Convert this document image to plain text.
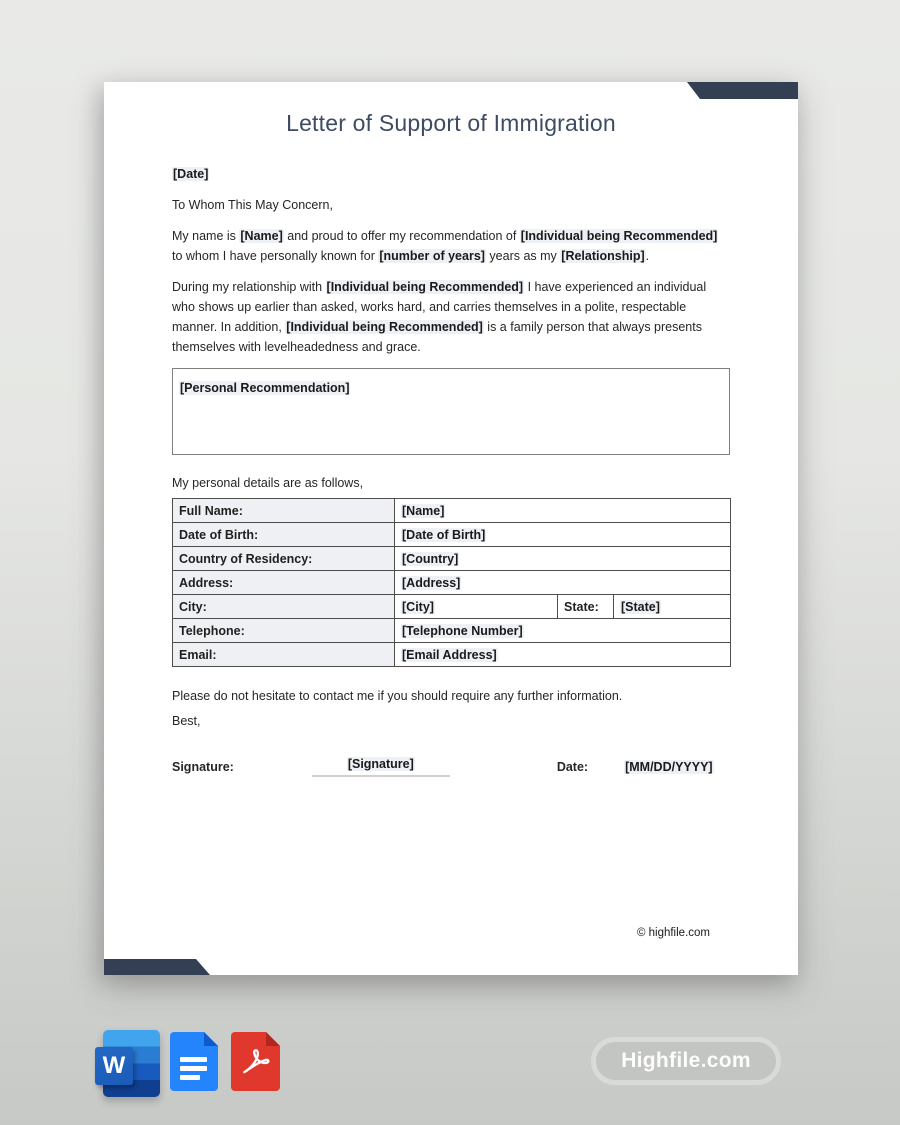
Letter of Support of Immigration

[Date]

To Whom This May Concern,

My name is [Name] and proud to offer my recommendation of [Individual being Recommended] to whom I have personally known for [number of years] years as my [Relationship].

During my relationship with [Individual being Recommended] I have experienced an individual who shows up earlier than asked, works hard, and carries themselves in a polite, respectable manner. In addition, [Individual being Recommended] is a family person that always presents themselves with levelheadedness and grace.

[Personal Recommendation]

My personal details are as follows,

Full Name:	[Name]		
Date of Birth:	[Date of Birth]		
Country of Residency:	[Country]		
Address:	[Address]		
City:	[City]	State:	[State]
Telephone:	[Telephone Number]		
Email:	[Email Address]		

Please do not hesitate to contact me if you should require any further information.

Best,

Signature:	[Signature]	Date:	[MM/DD/YYYY]
© highfile.com
W	Highfile.com
